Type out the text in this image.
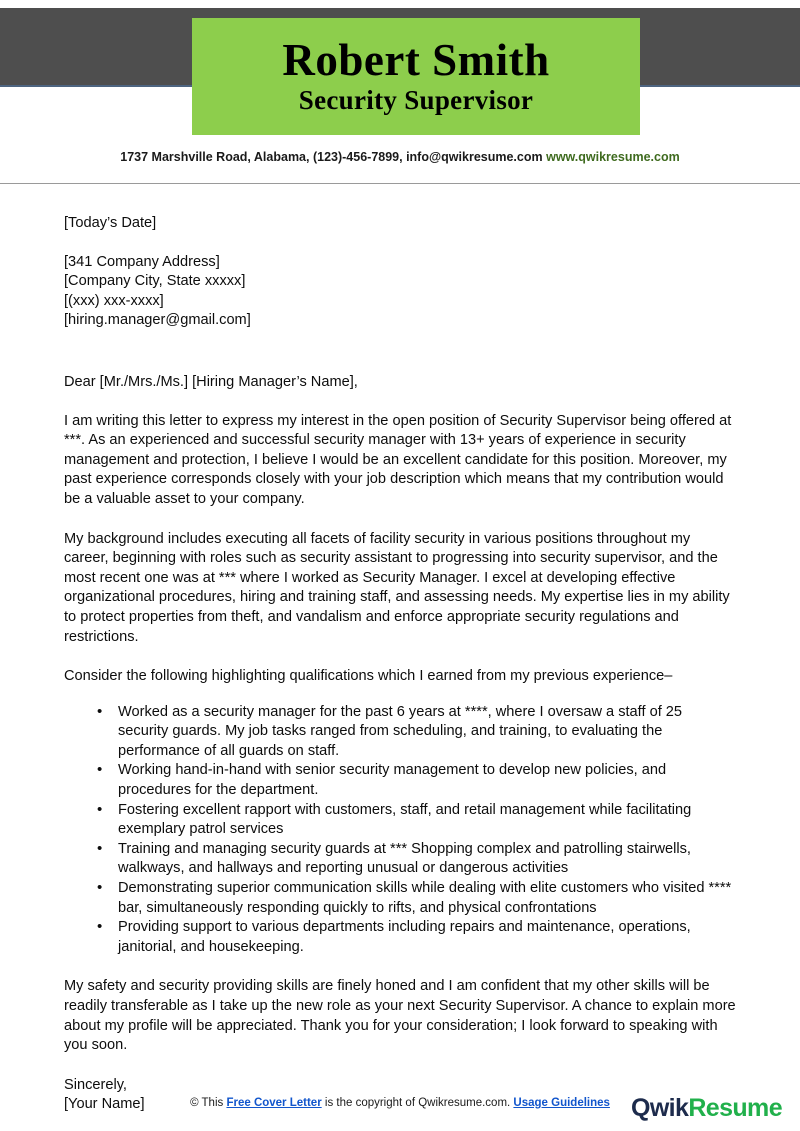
Robert Smith
Security Supervisor
1737 Marshville Road, Alabama, (123)-456-7899, info@qwikresume.com www.qwikresume.com
[Today’s Date]
[341 Company Address]
[Company City, State xxxxx]
[(xxx) xxx-xxxx]
[hiring.manager@gmail.com]
Dear [Mr./Mrs./Ms.] [Hiring Manager’s Name],

I am writing this letter to express my interest in the open position of Security Supervisor being offered at ***. As an experienced and successful security manager with 13+ years of experience in security management and protection, I believe I would be an excellent candidate for this position. Moreover, my past experience corresponds closely with your job description which means that my contribution would be a valuable asset to your company.

My background includes executing all facets of facility security in various positions throughout my career, beginning with roles such as security assistant to progressing into security supervisor, and the most recent one was at *** where I worked as Security Manager. I excel at developing effective organizational procedures, hiring and training staff, and assessing needs. My expertise lies in my ability to protect properties from theft, and vandalism and enforce appropriate security regulations and restrictions.

Consider the following highlighting qualifications which I earned from my previous experience–

• Worked as a security manager for the past 6 years at ****, where I oversaw a staff of 25 security guards. My job tasks ranged from scheduling, and training, to evaluating the performance of all guards on staff.
• Working hand-in-hand with senior security management to develop new policies, and procedures for the department.
• Fostering excellent rapport with customers, staff, and retail management while facilitating exemplary patrol services
• Training and managing security guards at *** Shopping complex and patrolling stairwells, walkways, and hallways and reporting unusual or dangerous activities
• Demonstrating superior communication skills while dealing with elite customers who visited **** bar, simultaneously responding quickly to rifts, and physical confrontations
• Providing support to various departments including repairs and maintenance, operations, janitorial, and housekeeping.

My safety and security providing skills are finely honed and I am confident that my other skills will be readily transferable as I take up the new role as your next Security Supervisor. A chance to explain more about my profile will be appreciated. Thank you for your consideration; I look forward to speaking with you soon.

Sincerely,
[Your Name]	© This Free Cover Letter is the copyright of Qwikresume.com. Usage Guidelines QwikResume
